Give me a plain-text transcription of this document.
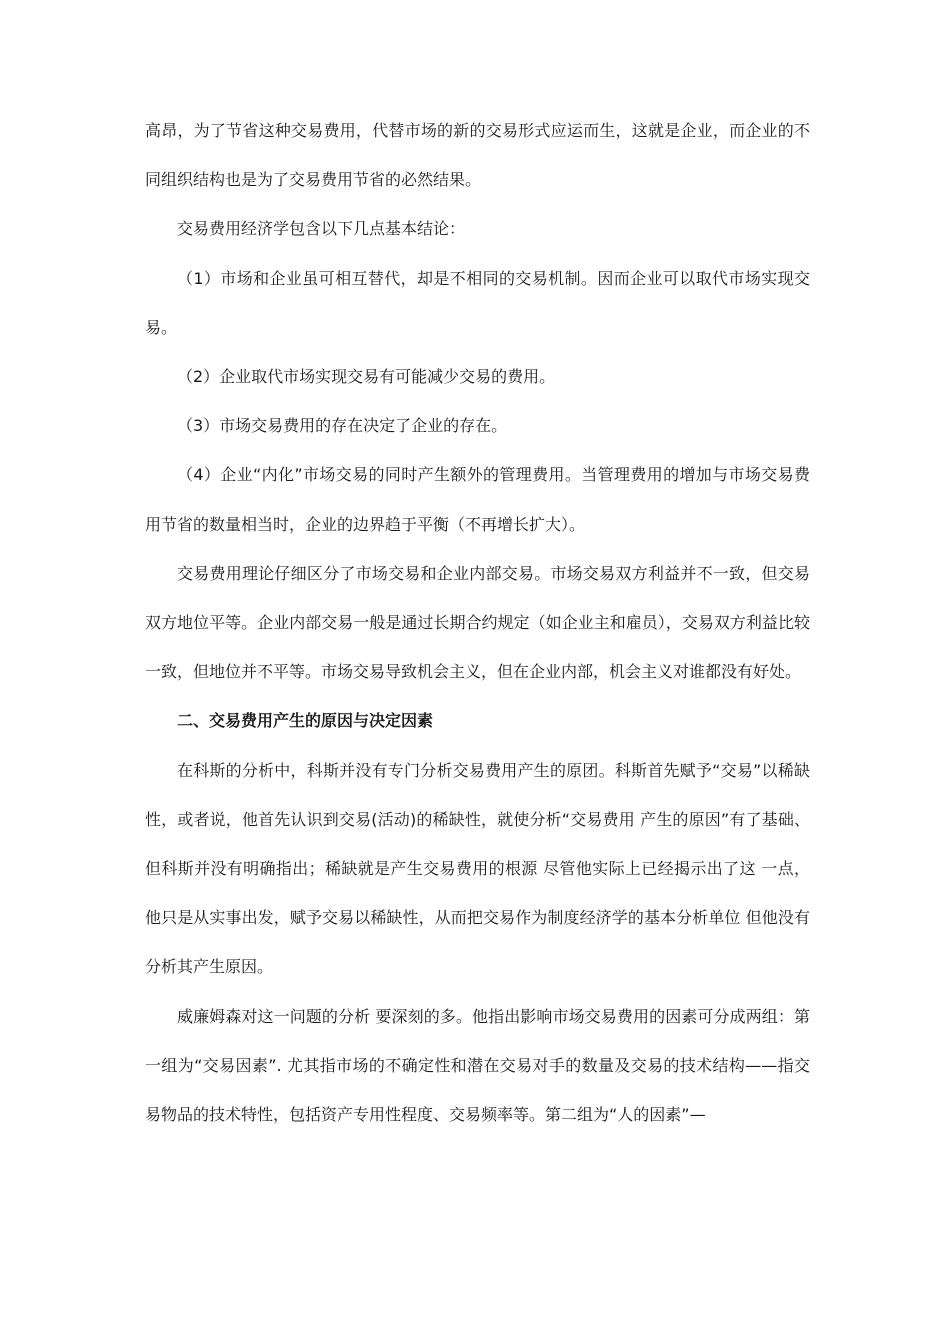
高昂，为了节省这种交易费用，代替市场的新的交易形式应运而生，这就是企业，而企业的不同组织结构也是为了交易费用节省的必然结果。

交易费用经济学包含以下几点基本结论：

（1）市场和企业虽可相互替代，却是不相同的交易机制。因而企业可以取代市场实现交易。

（2）企业取代市场实现交易有可能减少交易的费用。

（3）市场交易费用的存在决定了企业的存在。

（4）企业“内化”市场交易的同时产生额外的管理费用。当管理费用的增加与市场交易费用节省的数量相当时，企业的边界趋于平衡（不再增长扩大）。

交易费用理论仔细区分了市场交易和企业内部交易。市场交易双方利益并不一致，但交易双方地位平等。企业内部交易一般是通过长期合约规定（如企业主和雇员），交易双方利益比较一致，但地位并不平等。市场交易导致机会主义，但在企业内部，机会主义对谁都没有好处。

二、交易费用产生的原因与决定因素

在科斯的分析中，科斯并没有专门分析交易费用产生的原团。科斯首先赋予“交易”以稀缺性，或者说，他首先认识到交易(活动)的稀缺性，就使分析“交易费用 产生的原因”有了基础、但科斯并没有明确指出；稀缺就是产生交易费用的根源 尽管他实际上已经揭示出了这 一点，他只是从实事出发，赋予交易以稀缺性，从而把交易作为制度经济学的基本分析单位 但他没有分析其产生原因。

威廉姆森对这一问题的分析 要深刻的多。他指出影响市场交易费用的因素可分成两组：第一组为“交易因素”. 尤其指市场的不确定性和潜在交易对手的数量及交易的技术结构——指交易物品的技术特性，包括资产专用性程度、交易频率等。第二组为“人的因素”—
